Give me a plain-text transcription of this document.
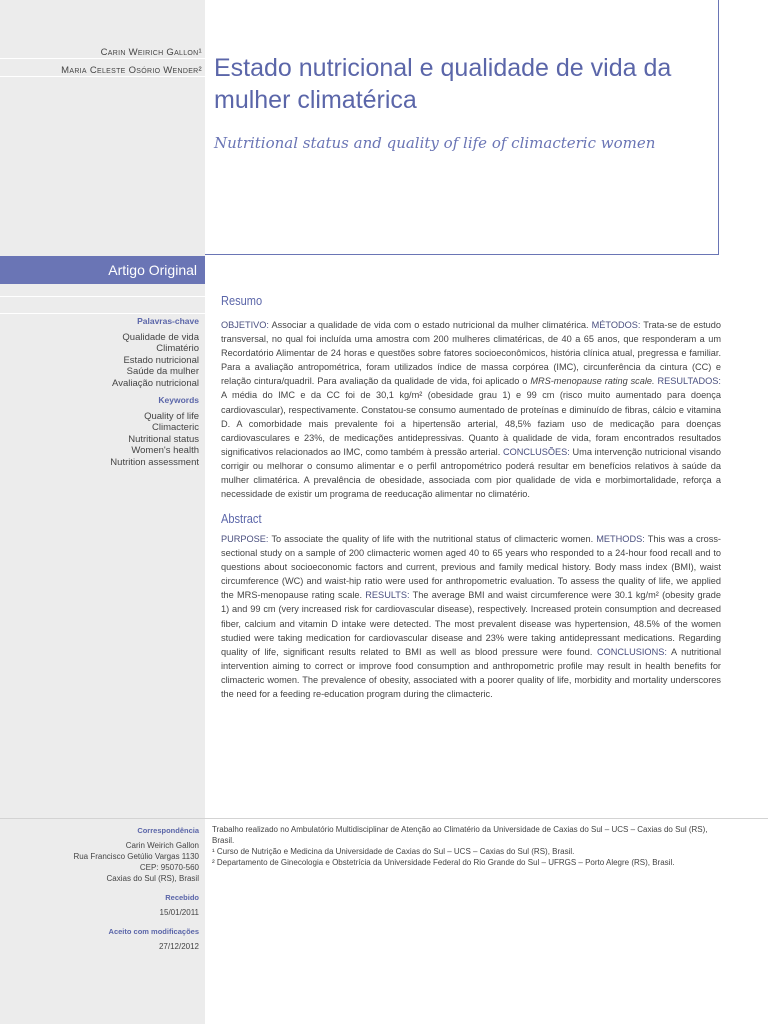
Carin Weirich Gallon¹
Maria Celeste Osório Wender² Estado nutricional e qualidade de vida da mulher climatérica
Nutritional status and quality of life of climacteric women
Artigo Original

Palavras-chave

Qualidade de vida

Climatério

Estado nutricional

Saúde da mulher

Avaliação nutricional

Keywords

Quality of life

Climacteric

Nutritional status

Women's health

Nutrition assessment

Resumo
OBJETIVO: Associar a qualidade de vida com o estado nutricional da mulher climatérica. MÉTODOS: Trata-se de estudo transversal, no qual foi incluída uma amostra com 200 mulheres climatéricas, de 40 a 65 anos, que responderam a um Recordatório Alimentar de 24 horas e questões sobre fatores socioeconômicos, história clínica atual, pregressa e familiar. Para a avaliação antropométrica, foram utilizados índice de massa corpórea (IMC), circunferência da cintura (CC) e relação cintura/quadril. Para avaliação da qualidade de vida, foi aplicado o MRS-menopause rating scale. RESULTADOS: A média do IMC e da CC foi de 30,1 kg/m² (obesidade grau 1) e 99 cm (risco muito aumentado para doença cardiovascular), respectivamente. Constatou-se consumo aumentado de proteínas e diminuído de fibras, cálcio e vitamina D. A comorbidade mais prevalente foi a hipertensão arterial, 48,5% faziam uso de medicação para doenças cardiovasculares e 23%, de medicações antidepressivas. Quanto à qualidade de vida, foram encontrados resultados significativos relacionados ao IMC, como também à pressão arterial. CONCLUSÕES: Uma intervenção nutricional visando corrigir ou melhorar o consumo alimentar e o perfil antropométrico poderá resultar em benefícios relativos à saúde da mulher climatérica. A prevalência de obesidade, associada com pior qualidade de vida e morbimortalidade, reforça a necessidade de existir um programa de reeducação alimentar no climatério.
Abstract
PURPOSE: To associate the quality of life with the nutritional status of climacteric women. METHODS: This was a cross-sectional study on a sample of 200 climacteric women aged 40 to 65 years who responded to a 24-hour food recall and to questions about socioeconomic factors and current, previous and family medical history. Body mass index (BMI), waist circumference (WC) and waist-hip ratio were used for anthropometric evaluation. To assess the quality of life, we applied the MRS-menopause rating scale. RESULTS: The average BMI and waist circumference were 30.1 kg/m² (obesity grade 1) and 99 cm (very increased risk for cardiovascular disease), respectively. Increased protein consumption and decreased fiber, calcium and vitamin D intake were detected. The most prevalent disease was hypertension, 48.5% of the women studied were taking medication for cardiovascular disease and 23% were taking antidepressant medications. Regarding quality of life, significant results related to BMI as well as blood pressure were found. CONCLUSIONS: A nutritional intervention aiming to correct or improve food consumption and anthropometric profile may result in health benefits for climacteric women. The prevalence of obesity, associated with a poorer quality of life, morbidity and mortality underscores the need for a feeding re-education program during the climacteric.

Correspondência

Carin Weirich Gallon

Rua Francisco Getúlio Vargas 1130

CEP: 95070-560

Caxias do Sul (RS), Brasil

Recebido

15/01/2011

Aceito com modificações

27/12/2012

Trabalho realizado no Ambulatório Multidisciplinar de Atenção ao Climatério da Universidade de Caxias do Sul – UCS – Caxias do Sul (RS), Brasil.

¹ Curso de Nutrição e Medicina da Universidade de Caxias do Sul – UCS – Caxias do Sul (RS), Brasil.

² Departamento de Ginecologia e Obstetrícia da Universidade Federal do Rio Grande do Sul – UFRGS – Porto Alegre (RS), Brasil.
